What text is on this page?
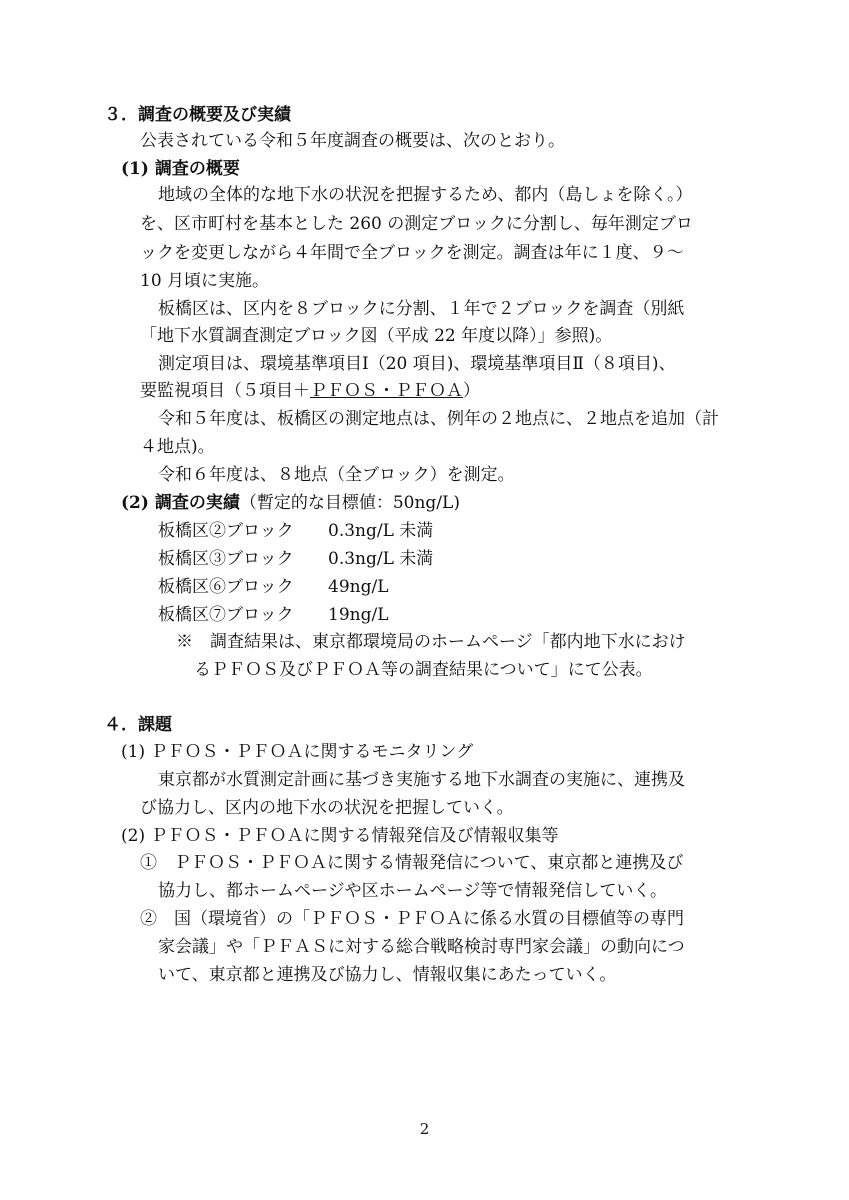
３．調査の概要及び実績
公表されている令和５年度調査の概要は、次のとおり。
(1) 調査の概要
地域の全体的な地下水の状況を把握するため、都内（島しょを除く。）
を、区市町村を基本とした 260 の測定ブロックに分割し、毎年測定ブロ
ックを変更しながら４年間で全ブロックを測定。調査は年に１度、９～
10 月頃に実施。
板橋区は、区内を８ブロックに分割、１年で２ブロックを調査（別紙
「地下水質調査測定ブロック図（平成 22 年度以降）」参照)。
測定項目は、環境基準項目Ⅰ（20 項目)、環境基準項目Ⅱ（８項目)、
要監視項目（５項目＋ＰＦＯＳ・ＰＦＯＡ）
令和５年度は、板橋区の測定地点は、例年の２地点に、２地点を追加（計
４地点)。
令和６年度は、８地点（全ブロック）を測定。
(2) 調査の実績（暫定的な目標値：50ng/L)
板橋区②ブロック 0.3ng/L 未満
板橋区③ブロック 0.3ng/L 未満
板橋区⑥ブロック 49ng/L
板橋区⑦ブロック 19ng/L
※　調査結果は、東京都環境局のホームページ「都内地下水におけ
るＰＦＯＳ及びＰＦＯＡ等の調査結果について」にて公表。
４．課題
(1) ＰＦＯＳ・ＰＦＯＡに関するモニタリング
東京都が水質測定計画に基づき実施する地下水調査の実施に、連携及
び協力し、区内の地下水の状況を把握していく。
(2) ＰＦＯＳ・ＰＦＯＡに関する情報発信及び情報収集等
①　ＰＦＯＳ・ＰＦＯＡに関する情報発信について、東京都と連携及び
協力し、都ホームページや区ホームページ等で情報発信していく。
②　国（環境省）の「ＰＦＯＳ・ＰＦＯＡに係る水質の目標値等の専門
家会議」や「ＰＦＡＳに対する総合戦略検討専門家会議」の動向につ
いて、東京都と連携及び協力し、情報収集にあたっていく。
2
